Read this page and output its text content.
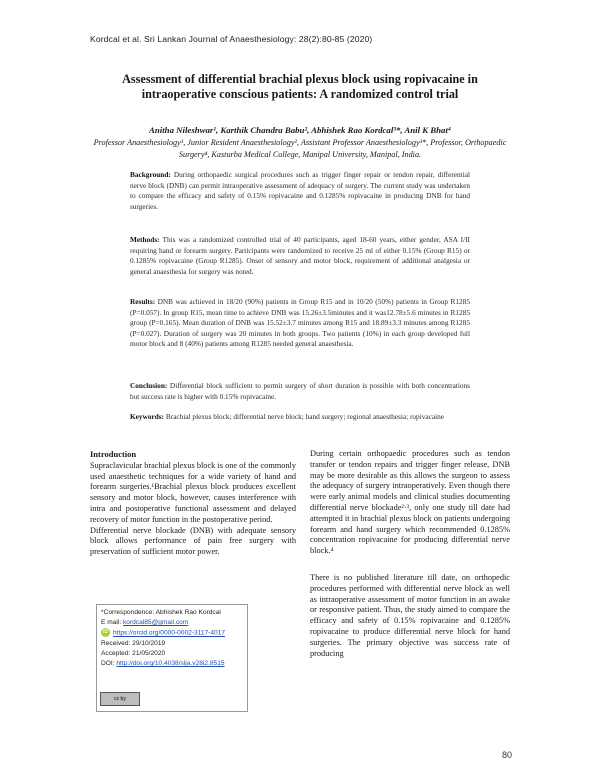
Kordcal et al. Sri Lankan Journal of Anaesthesiology: 28(2):80-85 (2020)
Assessment of differential brachial plexus block using ropivacaine in intraoperative conscious patients: A randomized control trial
Anitha Nileshwar¹, Karthik Chandra Babu², Abhishek Rao Kordcal³*, Anil K Bhat⁴
Professor Anaesthesiology¹, Junior Resident Anaesthesiology², Assistant Professor Anaesthesiology³*, Professor, Orthopaedic Surgery⁴, Kasturba Medical College, Manipal University, Manipal, India.
Background: During orthopaedic surgical procedures such as trigger finger repair or tendon repair, differential nerve block (DNB) can permit intraoperative assessment of adequacy of surgery. The current study was undertaken to compare the efficacy and safety of 0.15% ropivacaine and 0.1285% ropivacaine in producing DNB for hand surgeries.
Methods: This was a randomized controlled trial of 40 participants, aged 18-60 years, either gender, ASA I/II requiring hand or forearm surgery. Participants were randomized to receive 25 ml of either 0.15% (Group R15) or 0.1285% ropivacaine (Group R1285). Onset of sensory and motor block, requirement of additional analgesia or general anaesthesia for surgery was noted.
Results: DNB was achieved in 18/20 (90%) patients in Group R15 and in 10/20 (50%) patients in Group R1285 (P=0.057). In group R15, mean time to achieve DNB was 15.26±3.5minutes and it was12.78±5.6 minutes in R1285 group (P=0.165). Mean duration of DNB was 15.52±3.7 minutes among R15 and 18.89±3.3 minutes among R1285 (P=0.027). Duration of surgery was 20 minutes in both groups. Two patients (10%) in each group developed full motor block and 8 (40%) patients among R1285 needed general anaesthesia.
Conclusion: Differential block sufficient to permit surgery of short duration is possible with both concentrations but success rate is higher with 0.15% ropivacaine.
Keywords: Brachial plexus block; differential nerve block; hand surgery; regional anaesthesia; ropivacaine
Introduction

Supraclavicular brachial plexus block is one of the commonly used anaesthetic techniques for a wide variety of hand and forearm surgeries.¹Brachial plexus block produces excellent sensory and motor block, however, causes interference with intra and postoperative functional assessment and delayed recovery of motor function in the postoperative period.

Differential nerve blockade (DNB) with adequate sensory block allows performance of pain free surgery with preservation of sufficient motor power.

During certain orthopaedic procedures such as tendon transfer or tendon repairs and trigger finger release, DNB may be more desirable as this allows the surgeon to assess the adequacy of surgery intraoperatively. Even though there were early animal models and clinical studies documenting differential nerve blockade²·³, only one study till date had attempted it in brachial plexus block on patients undergoing forearm and hand surgery which recommended 0.1285% concentration ropivacaine for producing differential nerve block.⁴

There is no published literature till date, on orthopedic procedures performed with differential nerve block as well as intraoperative assessment of motor function in an awake or responsive patient. Thus, the study aimed to compare the efficacy and safety of 0.15% ropivacaine and 0.1285% ropivacaine to produce differential nerve block for hand surgeries. The primary objective was success rate of producing

*Correspondence: Abhishek Rao Kordcal
E mail: kordcal85@gmail.com
iD https://orcid.org/0000-0002-3117-4017
Received: 29/10/2019
Accepted: 21/05/2020
DOI: http://doi.org/10.4038/slja.v28i2.8515
cc by
80
